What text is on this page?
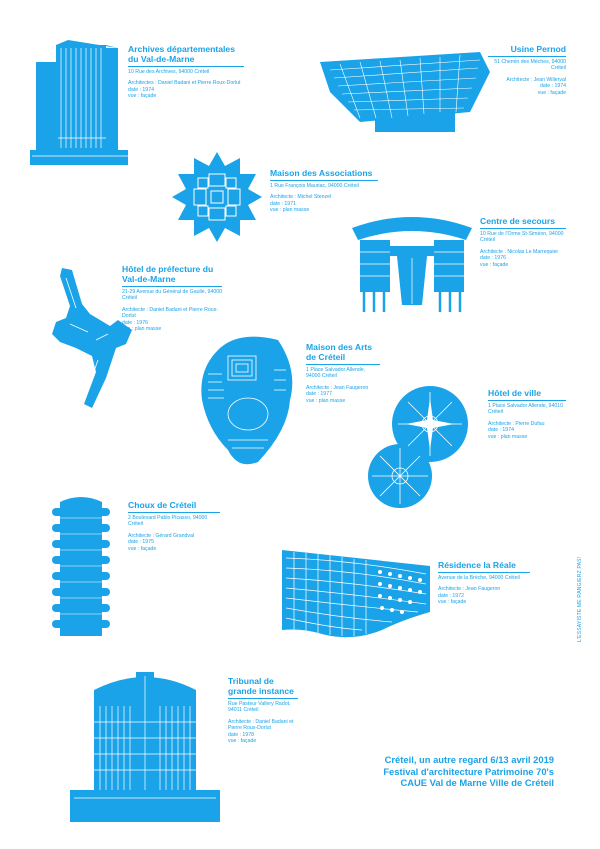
Archives départementales du Val-de-Marne
10 Rue des Archives, 94000 Créteil
Architectes : Daniel Badani et Pierre Roux-Dorlut
date : 1974
vue : façade
Usine Pernod
51 Chemin des Mèches, 94000 Créteil
Architecte : Jean Willerval
date : 1974
vue : façade
Maison des Associations
1 Rue François Mauriac, 94000 Créteil
Architecte : Michel Stenzel
date : 1971
vue : plan masse
Centre de secours
10 Rue de l'Orme St-Siméon, 94000 Créteil
Architecte : Nicolas Le Marrequier
date : 1976
vue : façade
Hôtel de préfecture du Val-de-Marne
21-29 Avenue du Général de Gaulle, 94000 Créteil
Architecte : Daniel Badani et Pierre Roux-Dorlut
date : 1976
vue : plan masse
Maison des Arts de Créteil
1 Place Salvador Allende, 94000 Créteil
Architecte : Jean Faugeron
date : 1977
vue : plan masse
Hôtel de ville
1 Place Salvador Allende, 94010 Créteil
Architecte : Pierre Dufau
date : 1974
vue : plan masse
Choux de Créteil
2 Boulevard Pablo Picasso, 94000 Créteil
Architecte : Gérard Grandval
date : 1975
vue : façade
Résidence la Réale
Avenue de la Brèche, 94000 Créteil
Architecte : Jean Faugeron
date : 1972
vue : façade
Tribunal de grande instance
Rue Pasteur Vallery Radot, 94011 Créteil
Architecte : Daniel Badani et Pierre Roux-Dorlut
date : 1978
vue : façade
Créteil, un autre regard 6/13 avril 2019
Festival d'architecture Patrimoine 70's
CAUE Val de Marne Ville de Créteil
L'ESSAYISTE ME RANGIERZ PAS!
